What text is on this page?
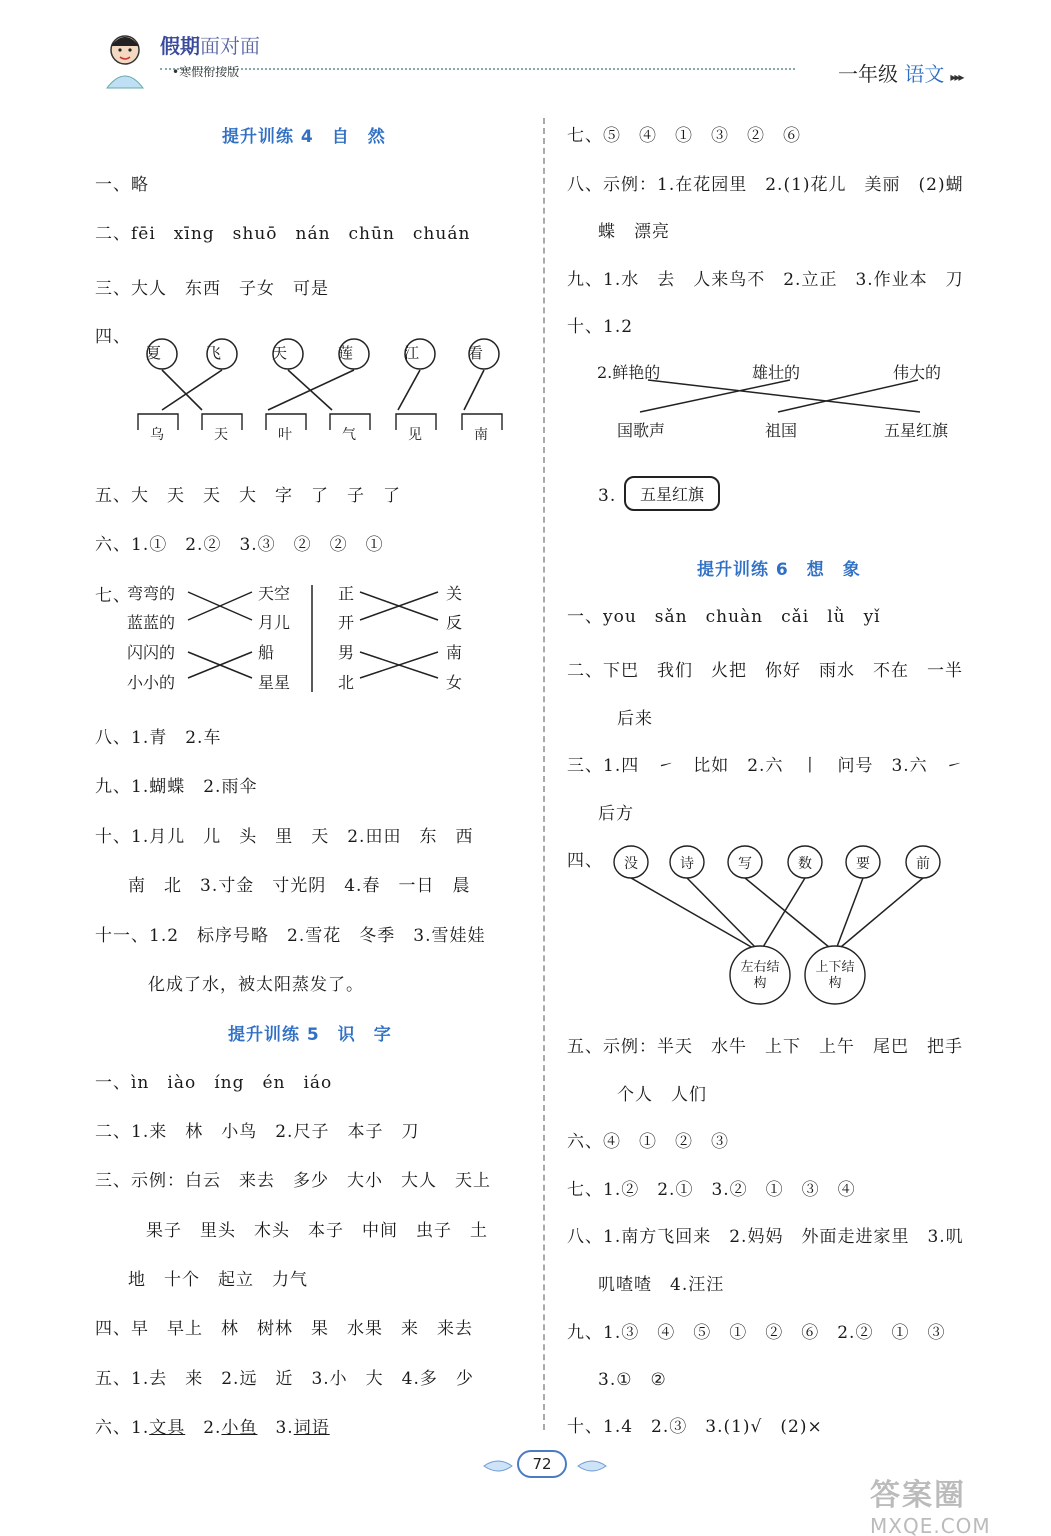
假期面对面
•寒假衔接版	一年级 语文 ▸▸▸
提升训练 4　自　然
一、略
二、fēi　xīng　shuō　nán　chūn　chuán
三、大人　东西　子女　可是
四、
夏	飞	天	莲	江	看
乌	天	叶	气	见	南
五、大　天　天　大　字　了　子　了
六、1.①　2.②　3.③　②　②　①
七、
弯弯的
蓝蓝的
闪闪的
小小的
天空
月儿
船
星星
正
开
男
北
关
反
南
女
八、1.青　2.车
九、1.蝴蝶　2.雨伞
十、1.月儿　儿　头　里　天　2.田田　东　西
南　北　3.寸金　寸光阴　4.春　一日　晨
十一、1.2　标序号略　2.雪花　冬季　3.雪娃娃
化成了水，被太阳蒸发了。
提升训练 5　识　字
一、ìn　iào　íng　én　iáo
二、1.来　林　小鸟　2.尺子　本子　刀
三、示例：白云　来去　多少　大小　大人　天上
果子　里头　木头　本子　中间　虫子　土
地　十个　起立　力气
四、早　早上　林　树林　果　水果　来　来去
五、1.去　来　2.远　近　3.小　大　4.多　少
六、1.文具　2.小鱼　3.词语
七、⑤　④　①　③　②　⑥
八、示例：1.在花园里　2.(1)花儿　美丽　(2)蝴
蝶　漂亮
九、1.水　去　人来鸟不　2.立正　3.作业本　刀
十、1.2
2.鲜艳的	雄壮的	伟大的
国歌声	祖国	五星红旗
3.	五星红旗
提升训练 6　想　象
一、you　sǎn　chuàn　cǎi　lǜ　yǐ
二、下巴　我们　火把　你好　雨水　不在　一半
后来
三、1.四　㇀　比如　2.六　丨　问号　3.六　㇀
后方
四、 没	诗	写	数	要	前
左右结构
上下结构
五、示例：半天　水牛　上下　上午　尾巴　把手
个人　人们
六、④　①　②　③
七、1.②　2.①　3.②　①　③　④
八、1.南方飞回来　2.妈妈　外面走进家里　3.叽
叽喳喳　4.汪汪
九、1.③　④　⑤　①　②　⑥　2.②　①　③
3.①　②
十、1.4　2.③　3.(1)√　(2)×
72
答案圈
MXQE.COM
